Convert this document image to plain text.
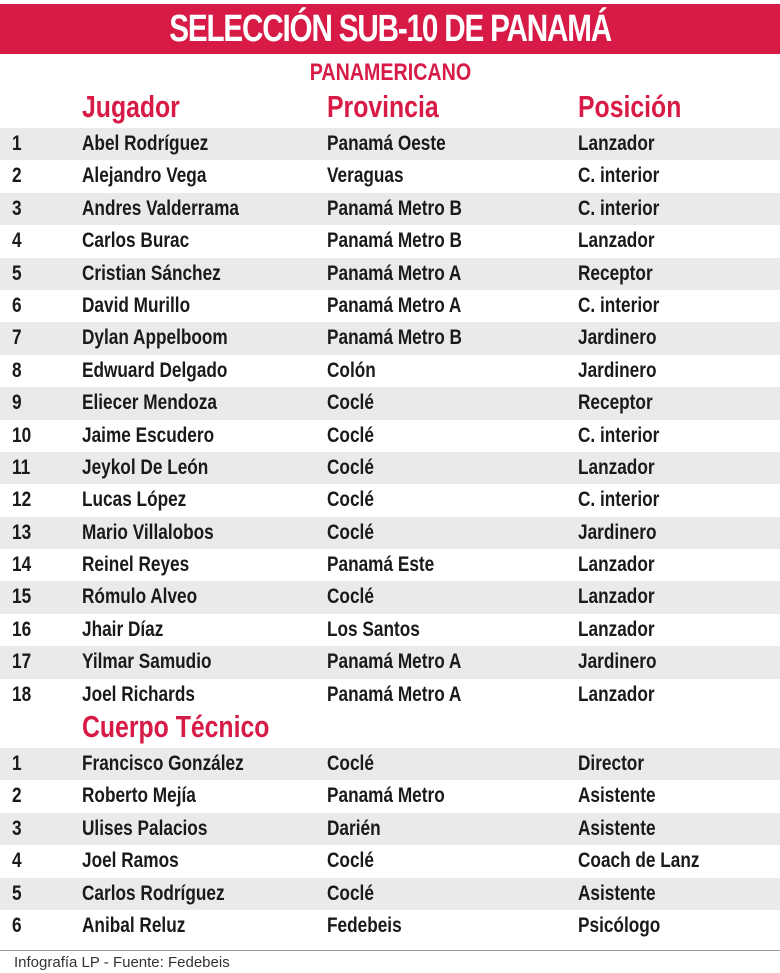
SELECCIÓN SUB-10 DE PANAMÁ
PANAMERICANO
Jugador	Provincia	Posición
1	Abel Rodríguez	Panamá Oeste	Lanzador
2	Alejandro Vega	Veraguas	C. interior
3	Andres Valderrama	Panamá Metro B	C. interior
4	Carlos Burac	Panamá Metro B	Lanzador
5	Cristian Sánchez	Panamá Metro A	Receptor
6	David Murillo	Panamá Metro A	C. interior
7	Dylan Appelboom	Panamá Metro B	Jardinero
8	Edwuard Delgado	Colón	Jardinero
9	Eliecer Mendoza	Coclé	Receptor
10 Jaime Escudero	Coclé	C. interior
11 Jeykol De León	Coclé	Lanzador
12 Lucas López	Coclé	C. interior
13 Mario Villalobos	Coclé	Jardinero
14 Reinel Reyes	Panamá Este	Lanzador
15 Rómulo Alveo	Coclé	Lanzador
16 Jhair Díaz	Los Santos	Lanzador
17 Yilmar Samudio	Panamá Metro A	Jardinero
18 Joel Richards	Panamá Metro A	Lanzador
Cuerpo Técnico
1	Francisco González	Coclé	Director
2	Roberto Mejía	Panamá Metro	Asistente
3	Ulises Palacios	Darién	Asistente
4	Joel Ramos	Coclé	Coach de Lanz
5	Carlos Rodríguez	Coclé	Asistente
6	Anibal Reluz	Fedebeis	Psicólogo
Infografía LP - Fuente: Fedebeis
